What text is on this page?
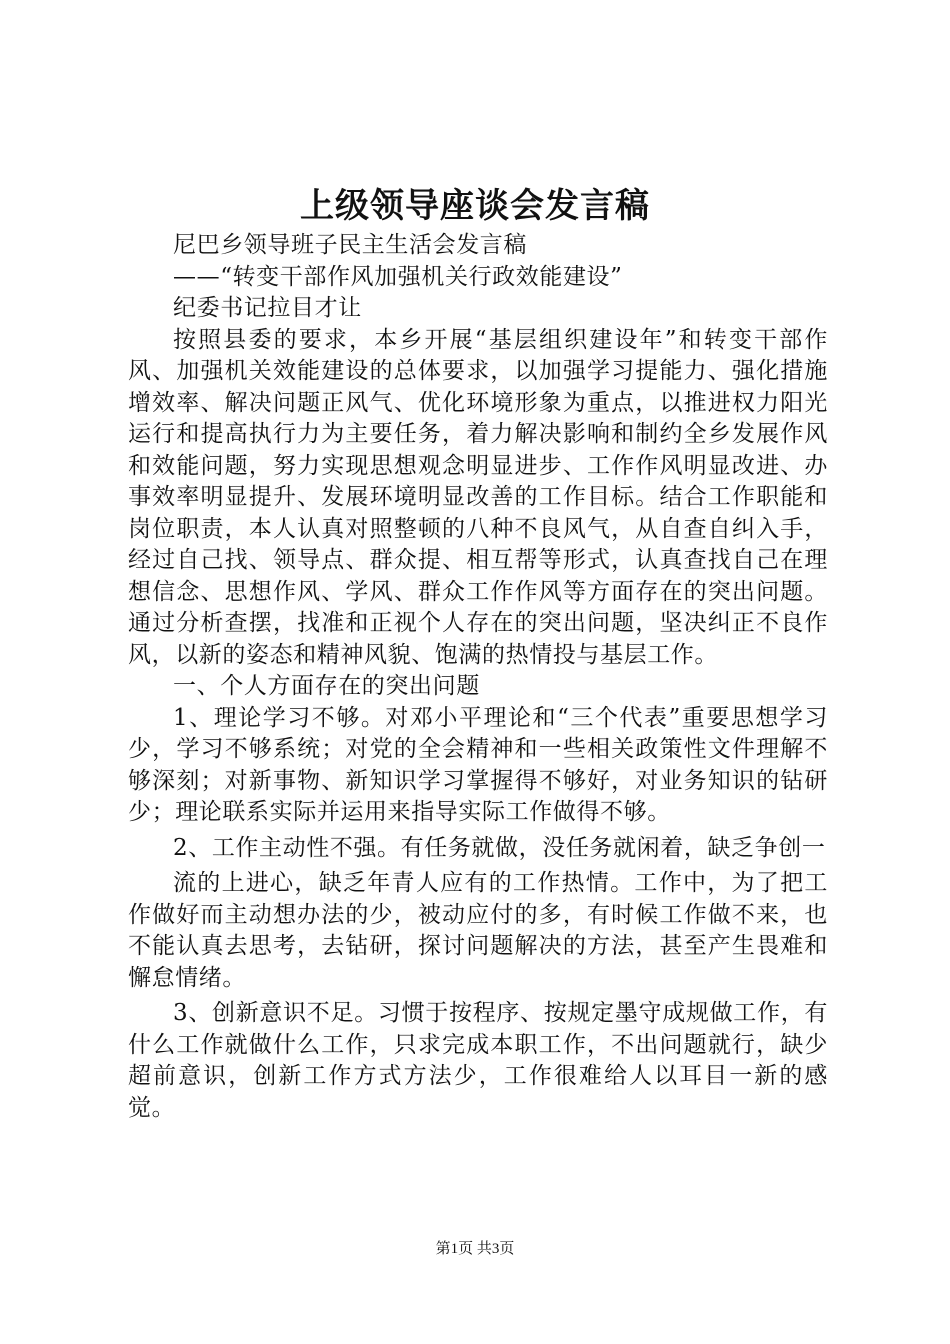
上级领导座谈会发言稿

尼巴乡领导班子民主生活会发言稿

——“转变干部作风加强机关行政效能建设”

纪委书记拉目才让

按照县委的要求，本乡开展“基层组织建设年”和转变干部作风、加强机关效能建设的总体要求，以加强学习提能力、强化措施增效率、解决问题正风气、优化环境形象为重点，以推进权力阳光运行和提高执行力为主要任务，着力解决影响和制约全乡发展作风和效能问题，努力实现思想观念明显进步、工作作风明显改进、办事效率明显提升、发展环境明显改善的工作目标。结合工作职能和岗位职责，本人认真对照整顿的八种不良风气，从自查自纠入手，经过自己找、领导点、群众提、相互帮等形式，认真查找自己在理想信念、思想作风、学风、群众工作作风等方面存在的突出问题。通过分析查摆，找准和正视个人存在的突出问题，坚决纠正不良作风，以新的姿态和精神风貌、饱满的热情投与基层工作。

一、个人方面存在的突出问题

1、理论学习不够。对邓小平理论和“三个代表”重要思想学习少，学习不够系统；对党的全会精神和一些相关政策性文件理解不够深刻；对新事物、新知识学习掌握得不够好，对业务知识的钻研少；理论联系实际并运用来指导实际工作做得不够。

2、工作主动性不强。有任务就做，没任务就闲着，缺乏争创一

流的上进心，缺乏年青人应有的工作热情。工作中，为了把工作做好而主动想办法的少，被动应付的多，有时候工作做不来，也不能认真去思考，去钻研，探讨问题解决的方法，甚至产生畏难和懈怠情绪。

3、创新意识不足。习惯于按程序、按规定墨守成规做工作，有什么工作就做什么工作，只求完成本职工作，不出问题就行，缺少超前意识，创新工作方式方法少，工作很难给人以耳目一新的感觉。

第1页 共3页
